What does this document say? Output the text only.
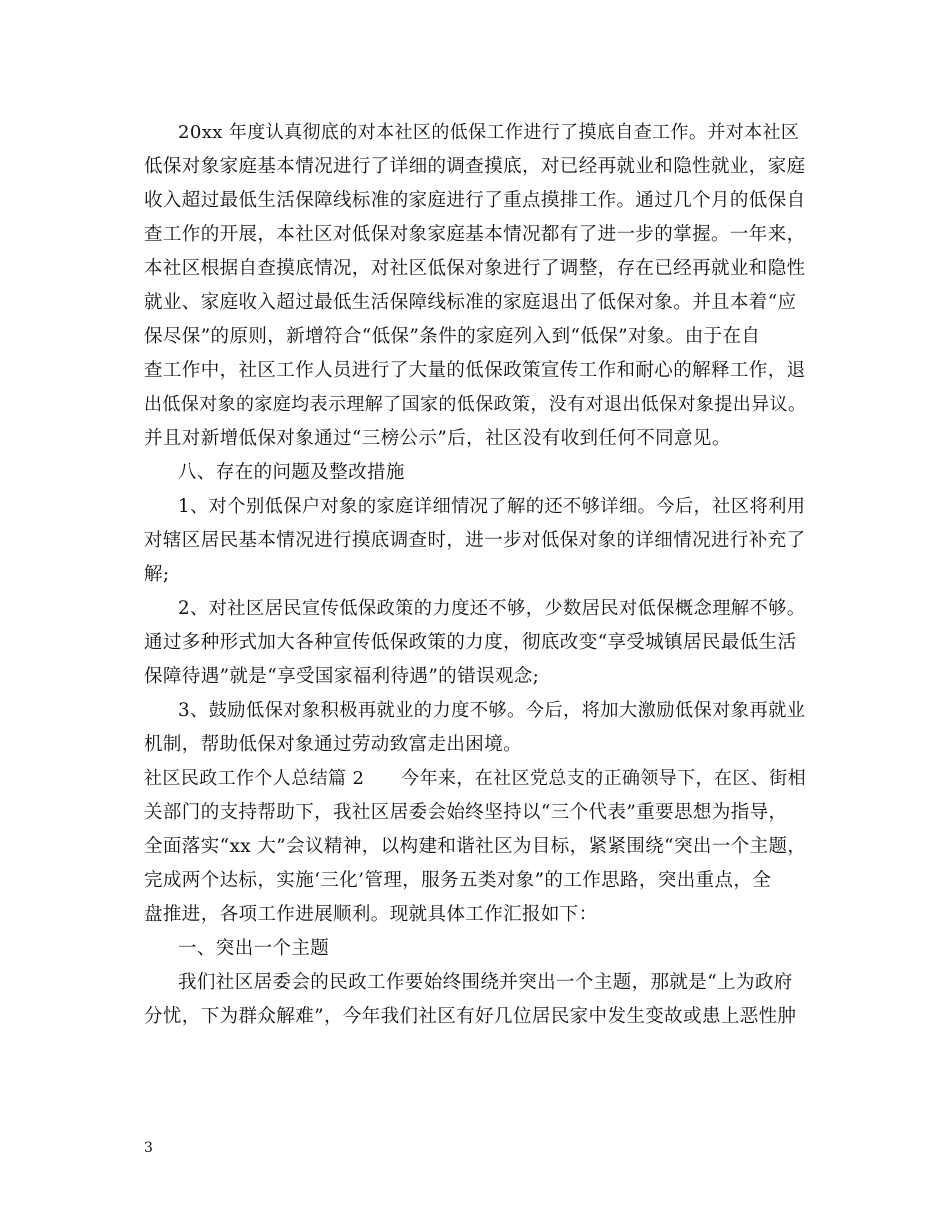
20xx 年度认真彻底的对本社区的低保工作进行了摸底自查工作。并对本社区
低保对象家庭基本情况进行了详细的调查摸底，对已经再就业和隐性就业，家庭
收入超过最低生活保障线标准的家庭进行了重点摸排工作。通过几个月的低保自
查工作的开展，本社区对低保对象家庭基本情况都有了进一步的掌握。一年来，
本社区根据自查摸底情况，对社区低保对象进行了调整，存在已经再就业和隐性
就业、家庭收入超过最低生活保障线标准的家庭退出了低保对象。并且本着“应
保尽保”的原则，新增符合“低保”条件的家庭列入到“低保”对象。由于在自
查工作中，社区工作人员进行了大量的低保政策宣传工作和耐心的解释工作，退
出低保对象的家庭均表示理解了国家的低保政策，没有对退出低保对象提出异议。
并且对新增低保对象通过“三榜公示”后，社区没有收到任何不同意见。
八、存在的问题及整改措施
1、对个别低保户对象的家庭详细情况了解的还不够详细。今后，社区将利用
对辖区居民基本情况进行摸底调查时，进一步对低保对象的详细情况进行补充了
解;
2、对社区居民宣传低保政策的力度还不够，少数居民对低保概念理解不够。
通过多种形式加大各种宣传低保政策的力度，彻底改变“享受城镇居民最低生活
保障待遇”就是“享受国家福利待遇”的错误观念;
3、鼓励低保对象积极再就业的力度不够。今后，将加大激励低保对象再就业
机制，帮助低保对象通过劳动致富走出困境。
社区民政工作个人总结篇 2　　今年来，在社区党总支的正确领导下，在区、街相
关部门的支持帮助下，我社区居委会始终坚持以“三个代表”重要思想为指导，
全面落实“xx 大”会议精神，以构建和谐社区为目标，紧紧围绕“突出一个主题，
完成两个达标，实施‘三化’管理，服务五类对象”的工作思路，突出重点，全
盘推进，各项工作进展顺利。现就具体工作汇报如下：
一、突出一个主题
我们社区居委会的民政工作要始终围绕并突出一个主题，那就是“上为政府
分忧，下为群众解难”，今年我们社区有好几位居民家中发生变故或患上恶性肿
3
